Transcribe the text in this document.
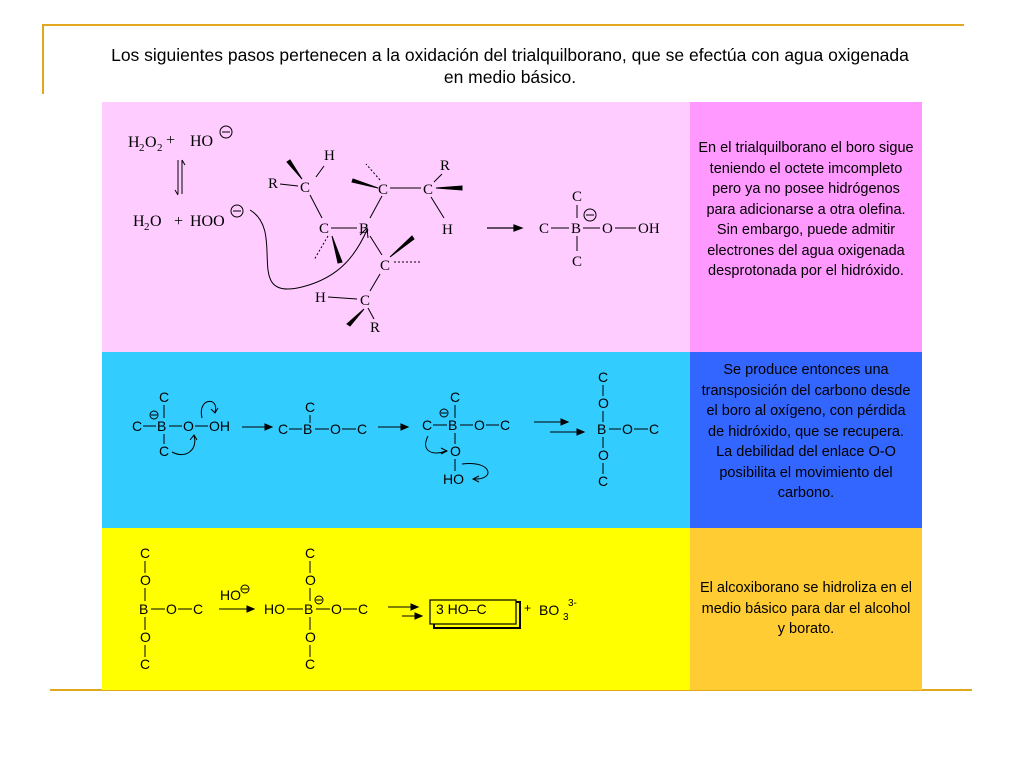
Los siguientes pasos pertenecen a la oxidación del trialquilborano, que se efectúa con agua oxigenada en medio básico.
H 2 O 2 + HO
H 2 O + HOO
H
R C
C B
C C
R
H
C
H C
R
C
C B O OH
C
En el trialquilborano el boro sigue teniendo el octete imcompleto pero ya no posee hidrógenos para adicionarse a otra olefina. Sin embargo, puede admitir electrones del agua oxigenada desprotonada por el hidróxido.
C
C B O OH
C
C
C B O C
C
C B O C
O
HO
C
O
B O C
O
C
Se produce entonces una transposición del carbono desde el boro al oxígeno, con pérdida de hidróxido, que se recupera. La debilidad del enlace O-O posibilita el movimiento del carbono.
C
O
B O C
O
C
HO
C
O
HO B O C
O
C
3 HO–C	+ BO 3
3-
El alcoxiborano se hidroliza en el medio básico para dar el alcohol y borato.
